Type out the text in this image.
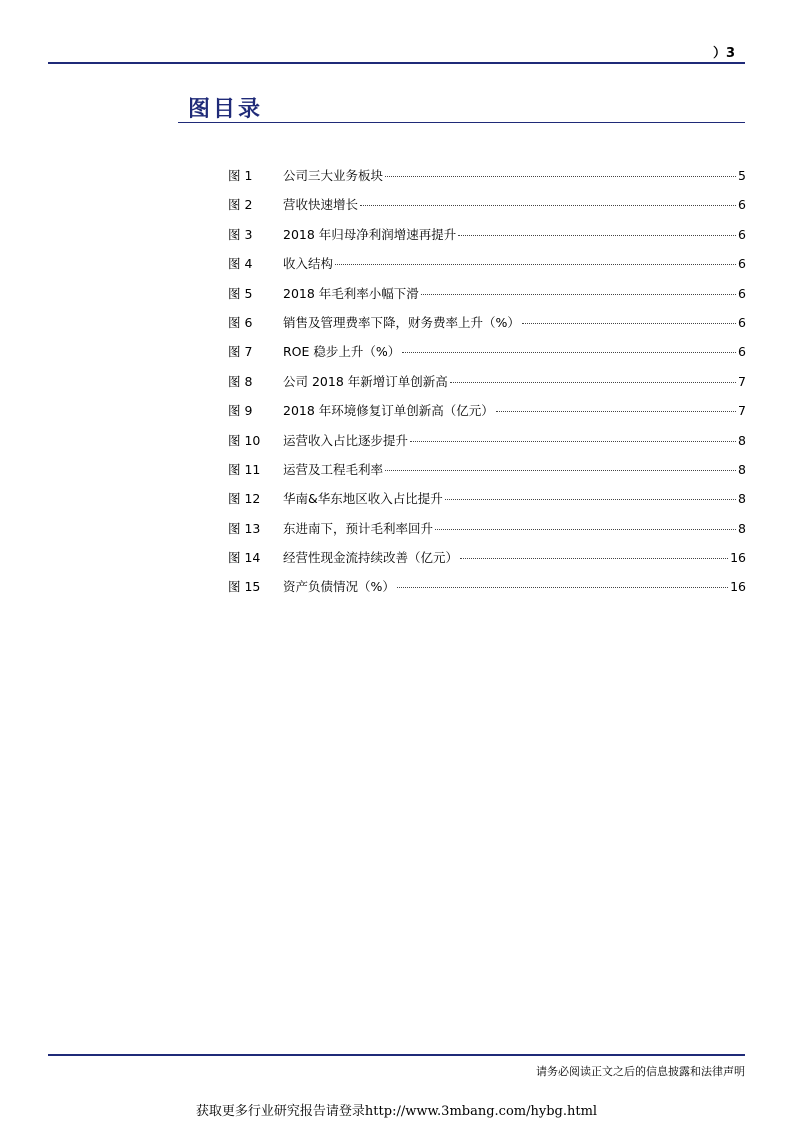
）3
图目录
图 1	公司三大业务板块	5
图 2	营收快速增长	6
图 3	2018 年归母净利润增速再提升	6
图 4	收入结构	6
图 5	2018 年毛利率小幅下滑	6
图 6	销售及管理费率下降，财务费率上升（%）	6
图 7	ROE 稳步上升（%）	6
图 8	公司 2018 年新增订单创新高	7
图 9	2018 年环境修复订单创新高（亿元）	7
图 10	运营收入占比逐步提升	8
图 11	运营及工程毛利率	8
图 12	华南&华东地区收入占比提升	8
图 13	东进南下，预计毛利率回升	8
图 14	经营性现金流持续改善（亿元）	16
图 15	资产负债情况（%）	16
请务必阅读正文之后的信息披露和法律声明
获取更多行业研究报告请登录http://www.3mbang.com/hybg.html
